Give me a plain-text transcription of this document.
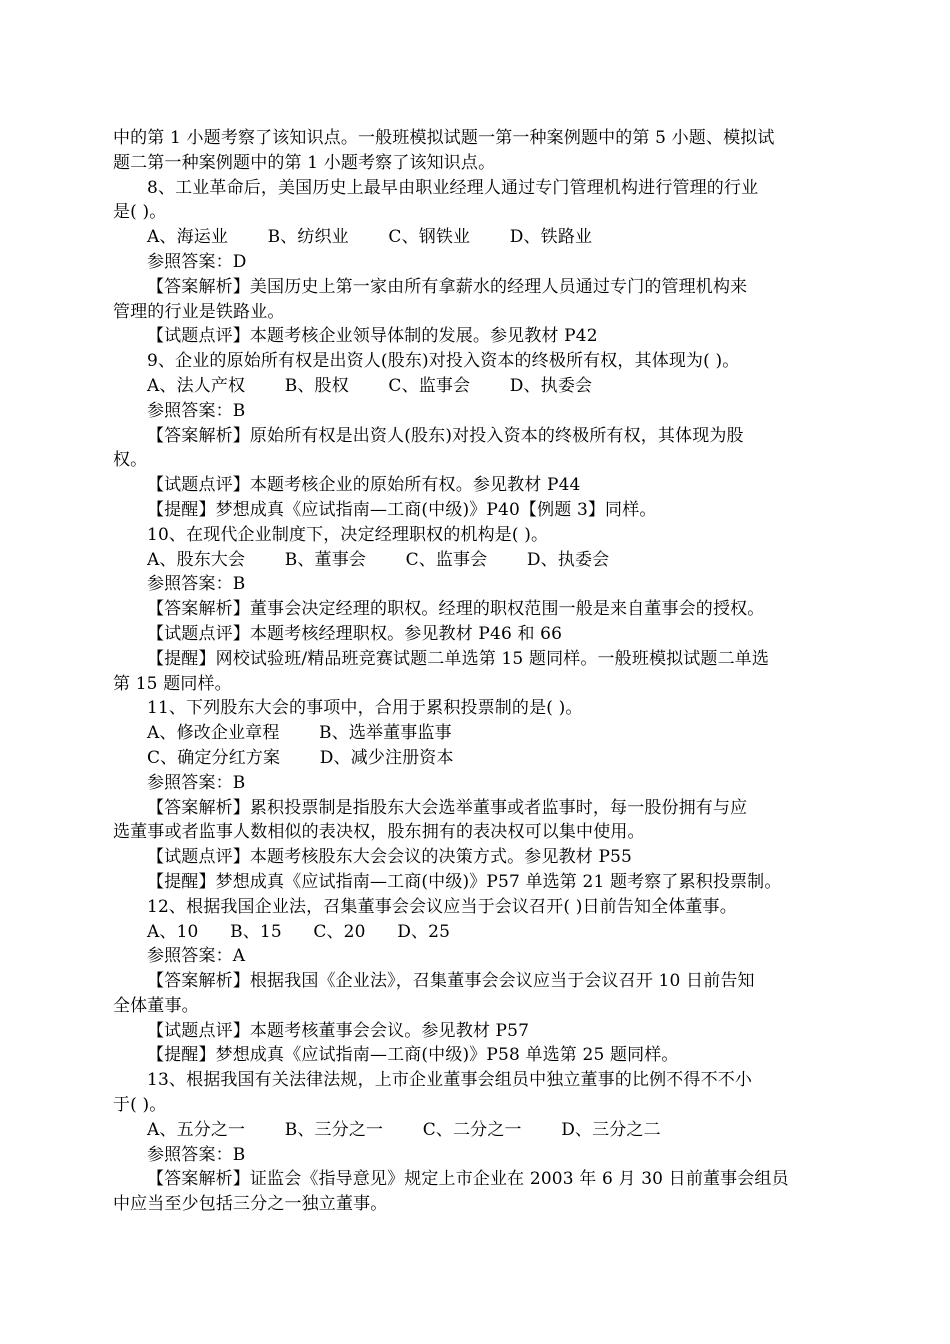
中的第 1 小题考察了该知识点。一般班模拟试题一第一种案例题中的第 5 小题、模拟试
题二第一种案例题中的第 1 小题考察了该知识点。
8、工业革命后，美国历史上最早由职业经理人通过专门管理机构进行管理的行业
是( )。
A、海运业 B、纺织业 C、钢铁业 D、铁路业
参照答案：D
【答案解析】美国历史上第一家由所有拿薪水的经理人员通过专门的管理机构来
管理的行业是铁路业。
【试题点评】本题考核企业领导体制的发展。参见教材 P42
9、企业的原始所有权是出资人(股东)对投入资本的终极所有权，其体现为( )。
A、法人产权 B、股权 C、监事会 D、执委会
参照答案：B
【答案解析】原始所有权是出资人(股东)对投入资本的终极所有权，其体现为股
权。
【试题点评】本题考核企业的原始所有权。参见教材 P44
【提醒】梦想成真《应试指南—工商(中级)》P40【例题 3】同样。
10、在现代企业制度下，决定经理职权的机构是( )。
A、股东大会 B、董事会 C、监事会 D、执委会
参照答案：B
【答案解析】董事会决定经理的职权。经理的职权范围一般是来自董事会的授权。
【试题点评】本题考核经理职权。参见教材 P46 和 66
【提醒】网校试验班/精品班竞赛试题二单选第 15 题同样。一般班模拟试题二单选
第 15 题同样。
11、下列股东大会的事项中，合用于累积投票制的是( )。
A、修改企业章程 B、选举董事监事
C、确定分红方案 D、减少注册资本
参照答案：B
【答案解析】累积投票制是指股东大会选举董事或者监事时，每一股份拥有与应
选董事或者监事人数相似的表决权，股东拥有的表决权可以集中使用。
【试题点评】本题考核股东大会会议的决策方式。参见教材 P55
【提醒】梦想成真《应试指南—工商(中级)》P57 单选第 21 题考察了累积投票制。
12、根据我国企业法，召集董事会会议应当于会议召开( )日前告知全体董事。
A、10 B、15 C、20 D、25
参照答案：A
【答案解析】根据我国《企业法》，召集董事会会议应当于会议召开 10 日前告知
全体董事。
【试题点评】本题考核董事会会议。参见教材 P57
【提醒】梦想成真《应试指南—工商(中级)》P58 单选第 25 题同样。
13、根据我国有关法律法规，上市企业董事会组员中独立董事的比例不得不不小
于( )。
A、五分之一 B、三分之一 C、二分之一 D、三分之二
参照答案：B
【答案解析】证监会《指导意见》规定上市企业在 2003 年 6 月 30 日前董事会组员
中应当至少包括三分之一独立董事。
